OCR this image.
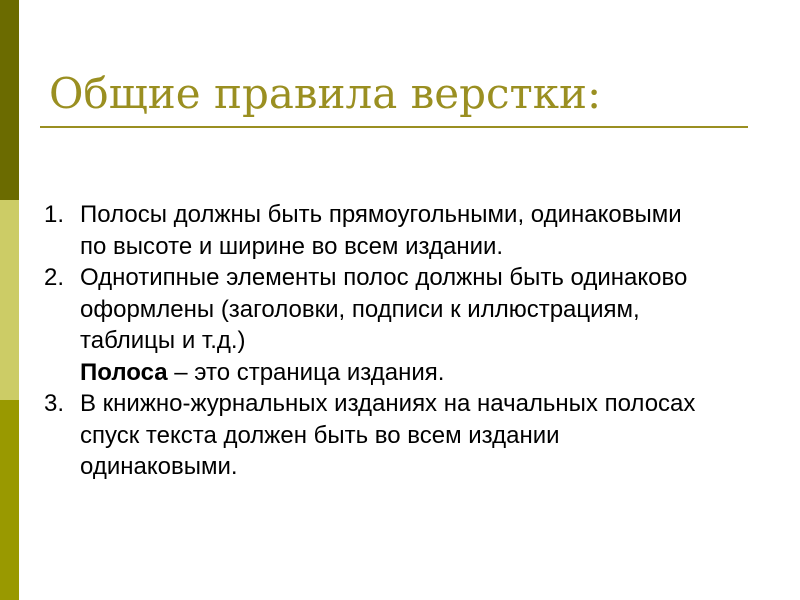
Общие правила верстки:
1. Полосы должны быть прямоугольными, одинаковыми
по высоте и ширине во всем издании.
2. Однотипные элементы полос должны быть одинаково
оформлены (заголовки, подписи к иллюстрациям,
таблицы и т.д.)
Полоса – это страница издания.
3. В книжно-журнальных изданиях на начальных полосах
спуск текста должен быть во всем издании
одинаковыми.
